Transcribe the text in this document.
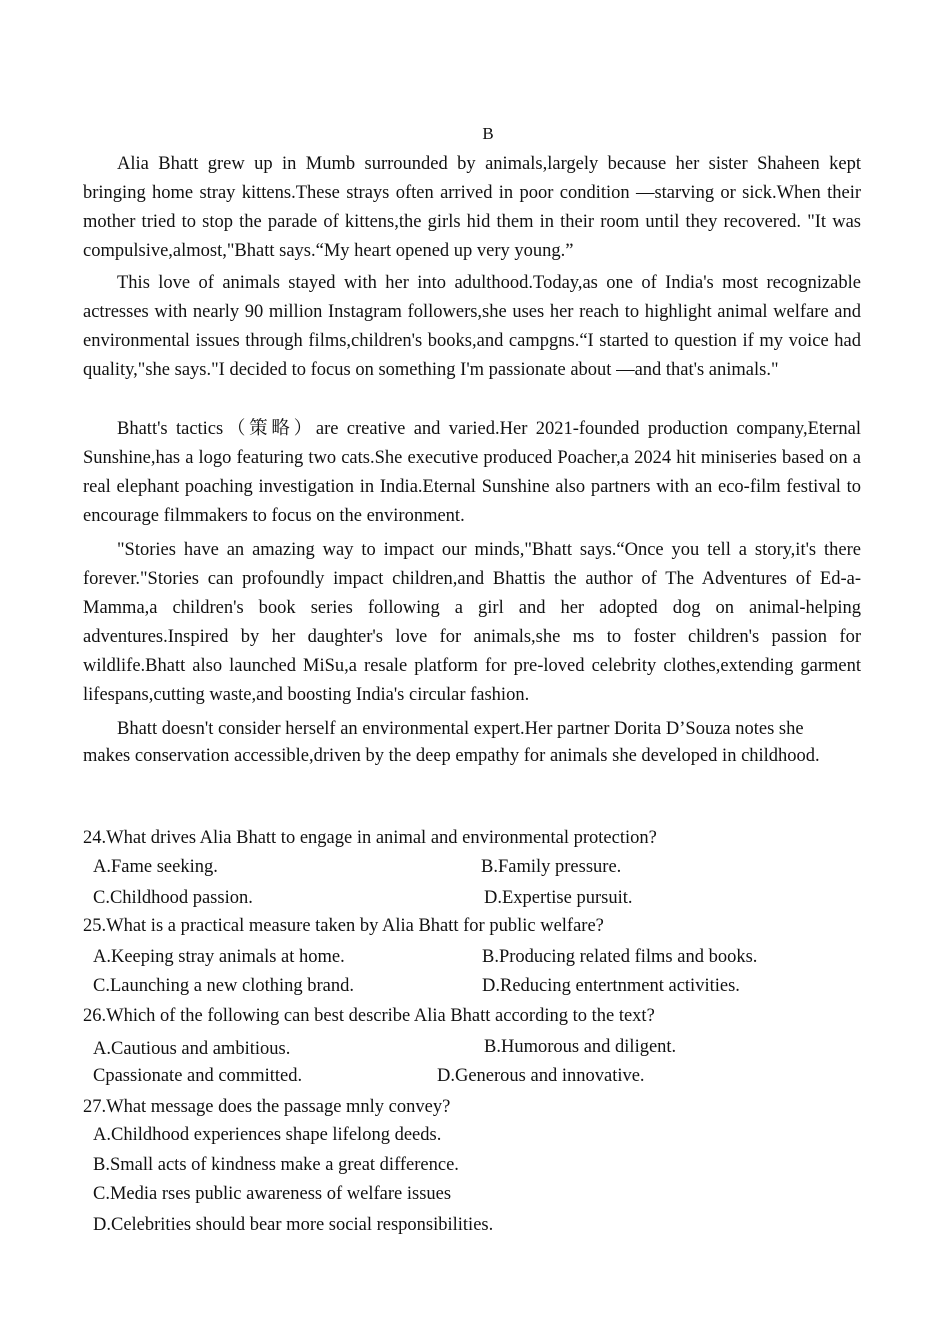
B

Alia Bhatt grew up in Mumb surrounded by animals,largely because her sister Shaheen kept bringing home stray kittens.These strays often arrived in poor condition —starving or sick.When their mother tried to stop the parade of kittens,the girls hid them in their room until they recovered. "It was compulsive,almost,"Bhatt says.“My heart opened up very young.”

This love of animals stayed with her into adulthood.Today,as one of India's most recognizable actresses with nearly 90 million Instagram followers,she uses her reach to highlight animal welfare and environmental issues through films,children's books,and campgns.“I started to question if my voice had quality,"she says."I decided to focus on something I'm passionate about —and that's animals."

Bhatt's tactics（策略）are creative and varied.Her 2021-founded production company,Eternal Sunshine,has a logo featuring two cats.She executive produced Poacher,a 2024 hit miniseries based on a real elephant poaching investigation in India.Eternal Sunshine also partners with an eco-film festival to encourage filmmakers to focus on the environment.

"Stories have an amazing way to impact our minds,"Bhatt says.“Once you tell a story,it's there forever."Stories can profoundly impact children,and Bhattis the author of The Adventures of Ed-a-Mamma,a children's book series following a girl and her adopted dog on animal-helping adventures.Inspired by her daughter's love for animals,she ms to foster children's passion for wildlife.Bhatt also launched MiSu,a resale platform for pre-loved celebrity clothes,extending garment lifespans,cutting waste,and boosting India's circular fashion.

Bhatt doesn't consider herself an environmental expert.Her partner Dorita D’Souza notes she makes conservation accessible,driven by the deep empathy for animals she developed in childhood.

24.What drives Alia Bhatt to engage in animal and environmental protection?
A.Fame seeking.	B.Family pressure.
C.Childhood passion.	D.Expertise pursuit.
25.What is a practical measure taken by Alia Bhatt for public welfare?
A.Keeping stray animals at home.	B.Producing related films and books.
C.Launching a new clothing brand.	D.Reducing entertnment activities.
26.Which of the following can best describe Alia Bhatt according to the text?
A.Cautious and ambitious.	B.Humorous and diligent.
Cpassionate and committed.	D.Generous and innovative.
27.What message does the passage mnly convey?
A.Childhood experiences shape lifelong deeds.
B.Small acts of kindness make a great difference.
C.Media rses public awareness of welfare issues
D.Celebrities should bear more social responsibilities.
